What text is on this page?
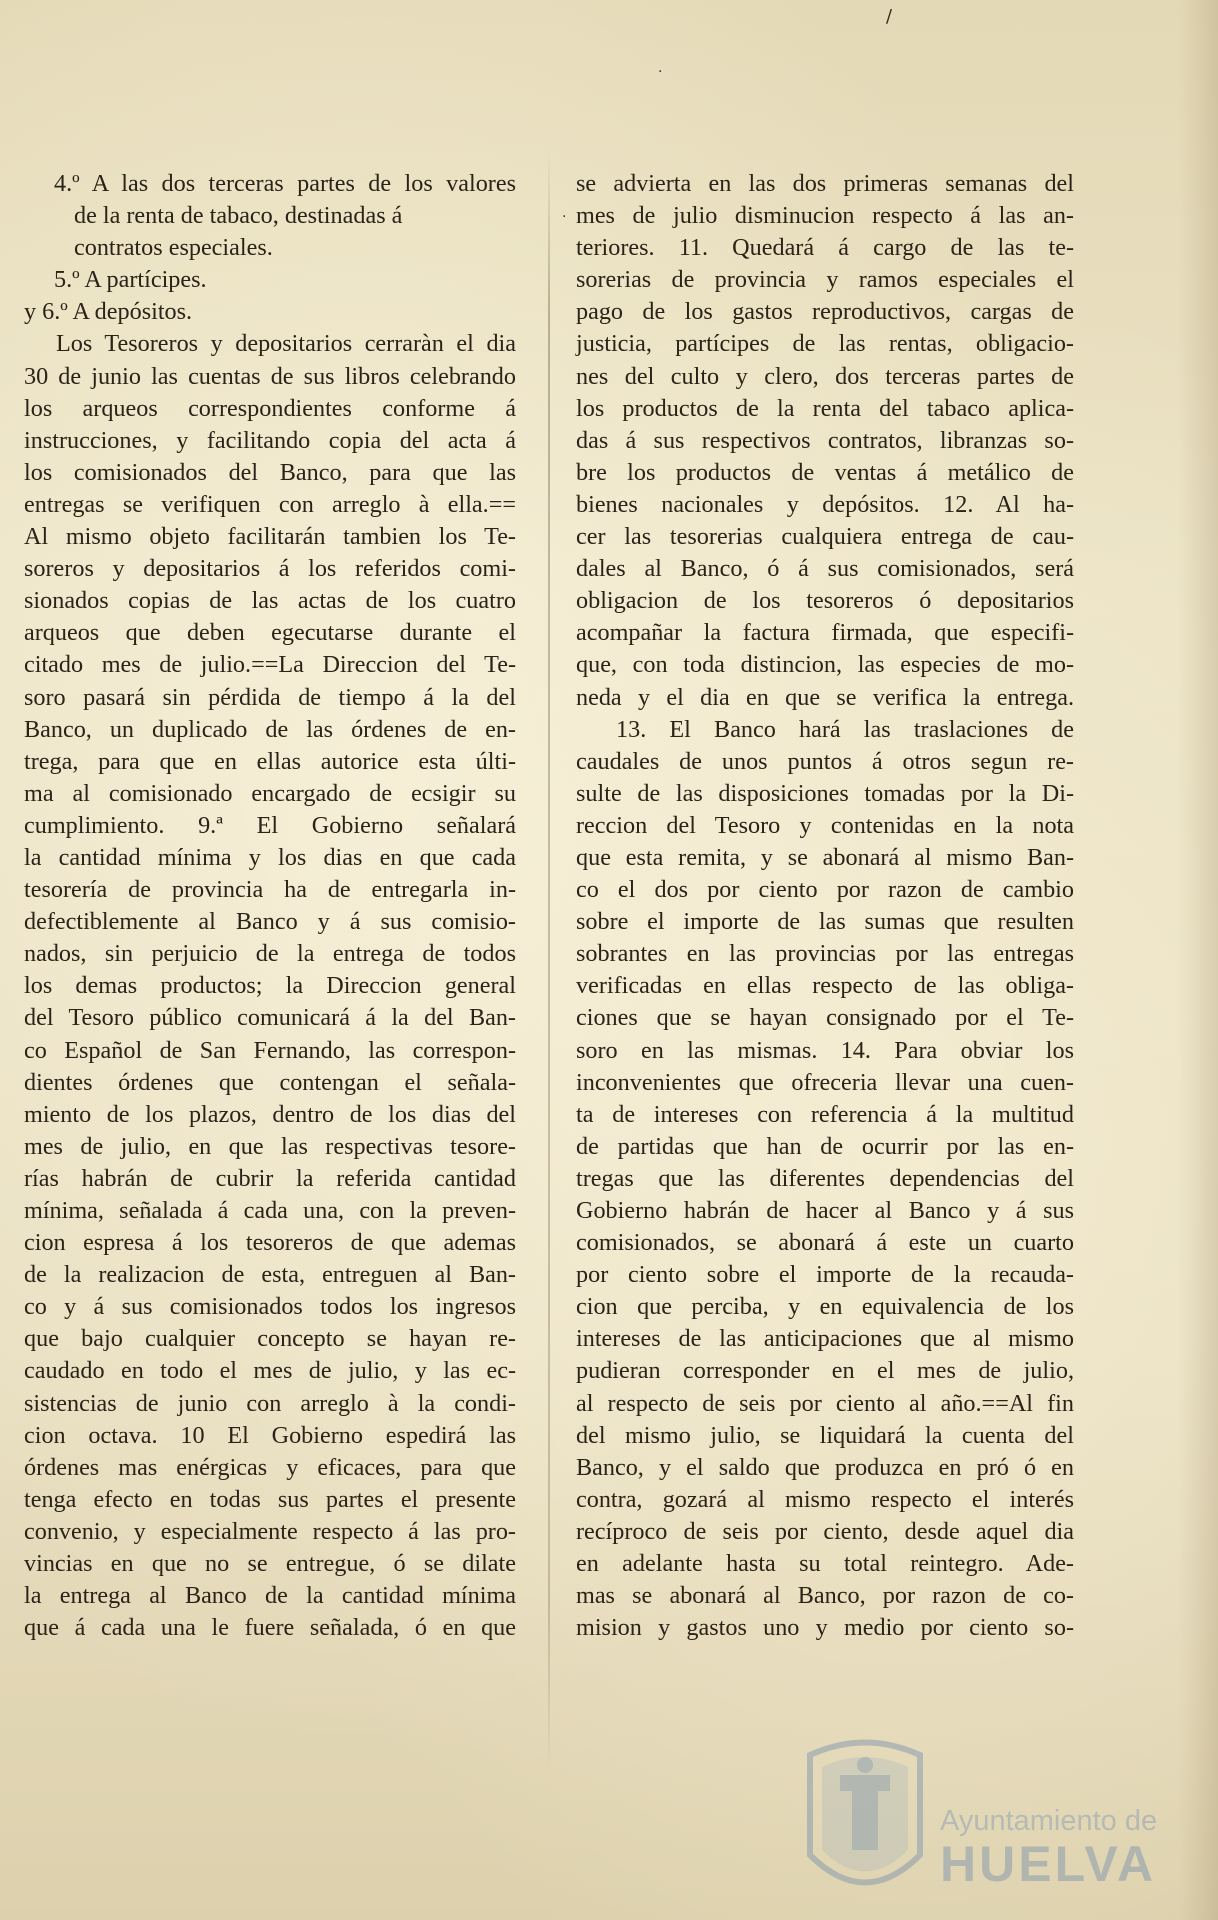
.
.
/
4.º A las dos terceras partes de los valores
de la renta de tabaco, destinadas á
contratos especiales.
5.º A partícipes.
y 6.º A depósitos.
Los Tesoreros y depositarios cerraràn el dia
30 de junio las cuentas de sus libros celebrando
los arqueos correspondientes conforme á
instrucciones, y facilitando copia del acta á
los comisionados del Banco, para que las
entregas se verifiquen con arreglo à ella.==
Al mismo objeto facilitarán tambien los Te-
soreros y depositarios á los referidos comi-
sionados copias de las actas de los cuatro
arqueos que deben egecutarse durante el
citado mes de julio.==La Direccion del Te-
soro pasará sin pérdida de tiempo á la del
Banco, un duplicado de las órdenes de en-
trega, para que en ellas autorice esta últi-
ma al comisionado encargado de ecsigir su
cumplimiento. 9.ª El Gobierno señalará
la cantidad mínima y los dias en que cada
tesorería de provincia ha de entregarla in-
defectiblemente al Banco y á sus comisio-
nados, sin perjuicio de la entrega de todos
los demas productos; la Direccion general
del Tesoro público comunicará á la del Ban-
co Español de San Fernando, las correspon-
dientes órdenes que contengan el señala-
miento de los plazos, dentro de los dias del
mes de julio, en que las respectivas tesore-
rías habrán de cubrir la referida cantidad
mínima, señalada á cada una, con la preven-
cion espresa á los tesoreros de que ademas
de la realizacion de esta, entreguen al Ban-
co y á sus comisionados todos los ingresos
que bajo cualquier concepto se hayan re-
caudado en todo el mes de julio, y las ec-
sistencias de junio con arreglo à la condi-
cion octava. 10 El Gobierno espedirá las
órdenes mas enérgicas y eficaces, para que
tenga efecto en todas sus partes el presente
convenio, y especialmente respecto á las pro-
vincias en que no se entregue, ó se dilate
la entrega al Banco de la cantidad mínima
que á cada una le fuere señalada, ó en que
se advierta en las dos primeras semanas del
mes de julio disminucion respecto á las an-
teriores. 11. Quedará á cargo de las te-
sorerias de provincia y ramos especiales el
pago de los gastos reproductivos, cargas de
justicia, partícipes de las rentas, obligacio-
nes del culto y clero, dos terceras partes de
los productos de la renta del tabaco aplica-
das á sus respectivos contratos, libranzas so-
bre los productos de ventas á metálico de
bienes nacionales y depósitos. 12. Al ha-
cer las tesorerias cualquiera entrega de cau-
dales al Banco, ó á sus comisionados, será
obligacion de los tesoreros ó depositarios
acompañar la factura firmada, que especifi-
que, con toda distincion, las especies de mo-
neda y el dia en que se verifica la entrega.
13. El Banco hará las traslaciones de
caudales de unos puntos á otros segun re-
sulte de las disposiciones tomadas por la Di-
reccion del Tesoro y contenidas en la nota
que esta remita, y se abonará al mismo Ban-
co el dos por ciento por razon de cambio
sobre el importe de las sumas que resulten
sobrantes en las provincias por las entregas
verificadas en ellas respecto de las obliga-
ciones que se hayan consignado por el Te-
soro en las mismas. 14. Para obviar los
inconvenientes que ofreceria llevar una cuen-
ta de intereses con referencia á la multitud
de partidas que han de ocurrir por las en-
tregas que las diferentes dependencias del
Gobierno habrán de hacer al Banco y á sus
comisionados, se abonará á este un cuarto
por ciento sobre el importe de la recauda-
cion que perciba, y en equivalencia de los
intereses de las anticipaciones que al mismo
pudieran corresponder en el mes de julio,
al respecto de seis por ciento al año.==Al fin
del mismo julio, se liquidará la cuenta del
Banco, y el saldo que produzca en pró ó en
contra, gozará al mismo respecto el interés
recíproco de seis por ciento, desde aquel dia
en adelante hasta su total reintegro. Ade-
mas se abonará al Banco, por razon de co-
mision y gastos uno y medio por ciento so-
Ayuntamiento de
HUELVA
